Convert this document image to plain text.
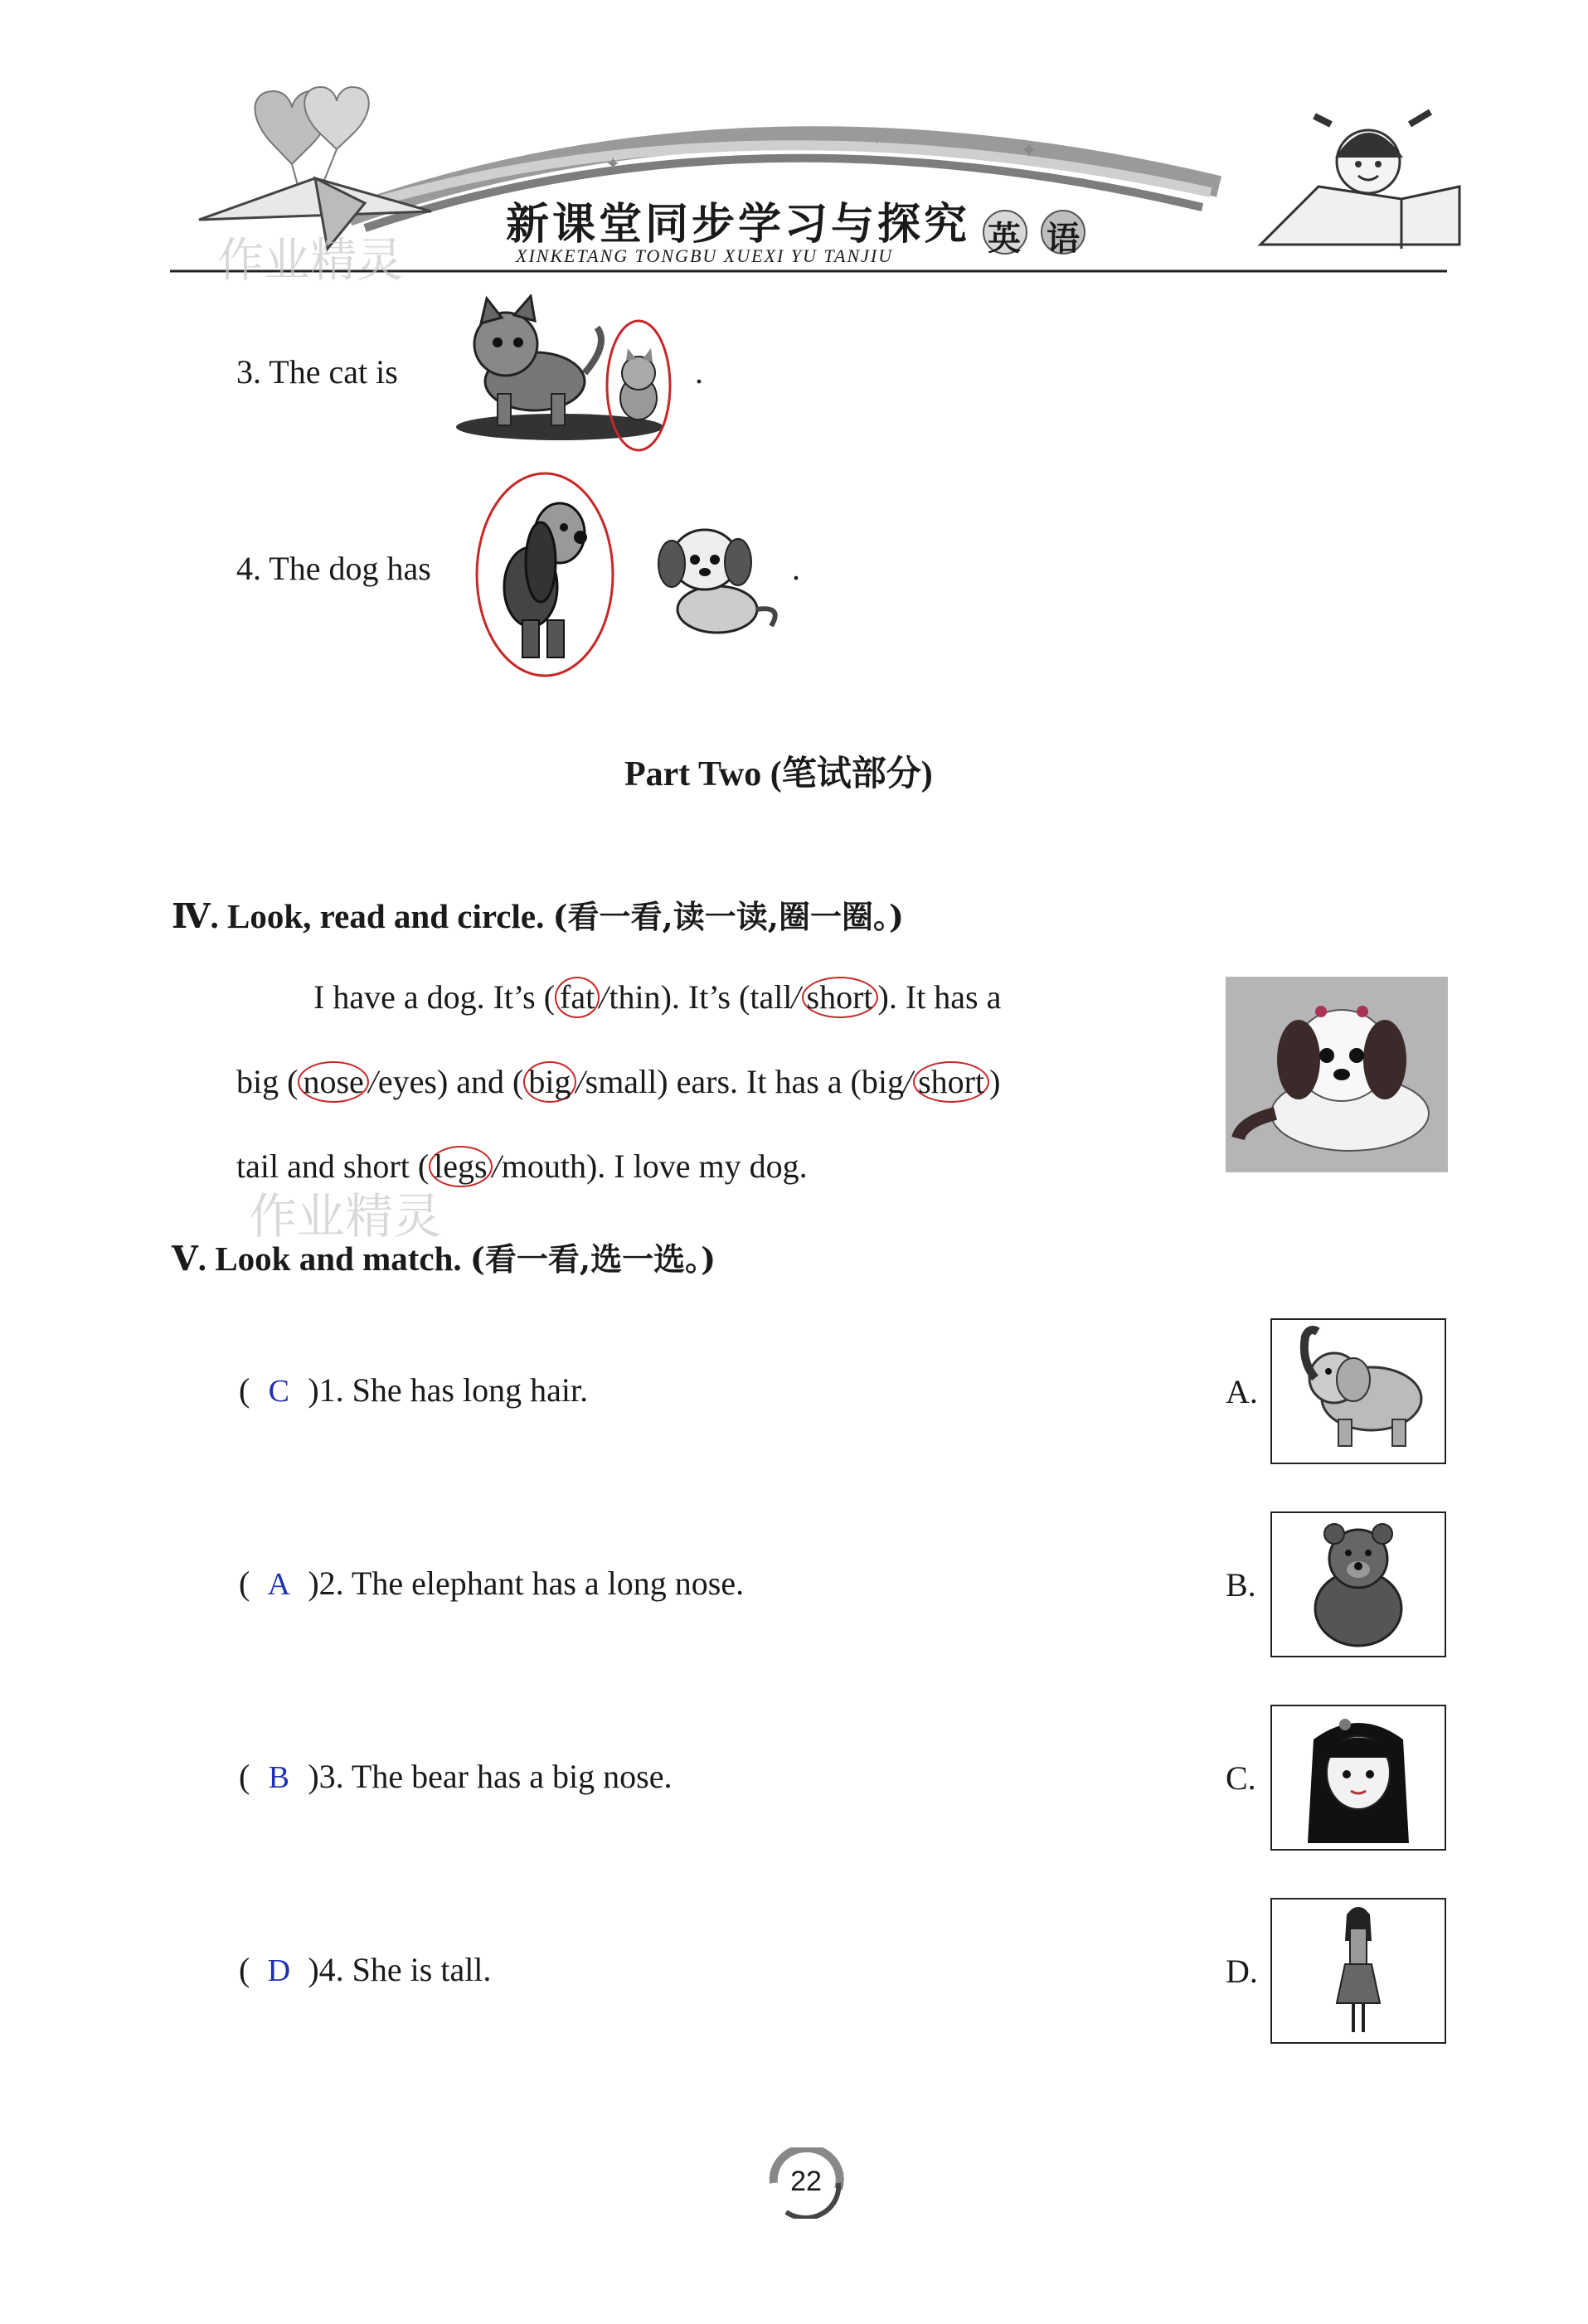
✦
✦
✦
新课堂同步学习与探究 英 语
XINKETANG TONGBU XUEXI YU TANJIU
作业精灵
3. The cat is	.
4. The dog has	.
Part Two (笔试部分)
Ⅳ. Look, read and circle. (看一看,读一读,圈一圈。)
I have a dog. It’s ( fat/thin). It’s (tall/short ). It has a
big ( nose/eyes) and ( big/small) ears. It has a (big/short )
tail and short ( legs/mouth). I love my dog.
作业精灵
Ⅴ. Look and match. (看一看,选一选。)
( C )1. She has long hair.
( A )2. The elephant has a long nose.
( B )3. The bear has a big nose.
( D )4. She is tall.
A.
B.
C.
D.
22
